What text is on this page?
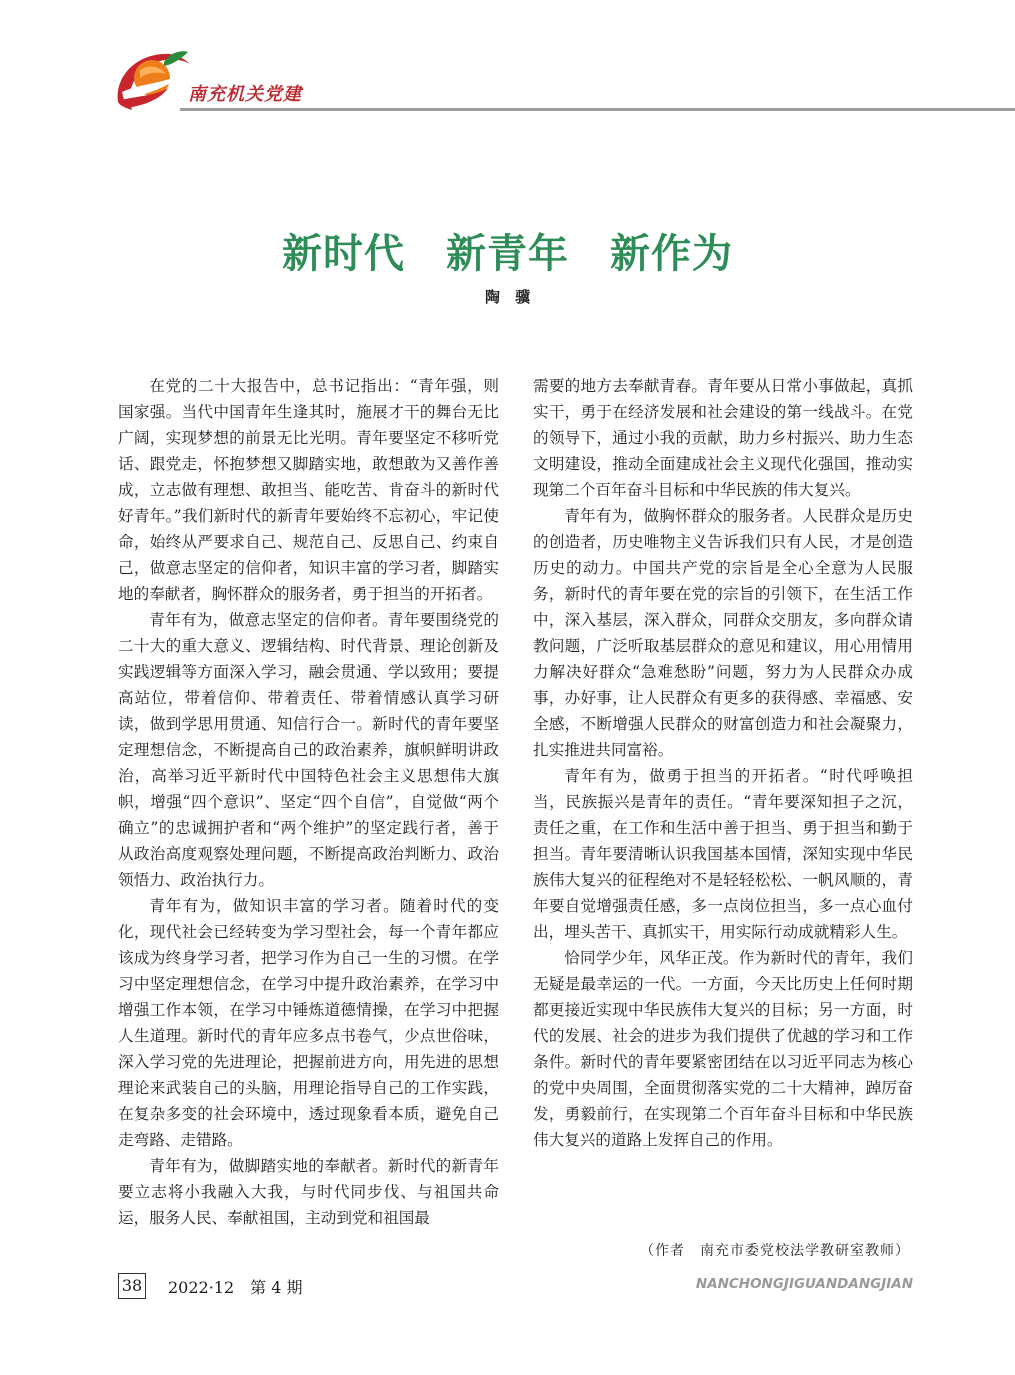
南充机关党建
新时代　新青年　新作为
陶　骥

在党的二十大报告中，总书记指出：“青年强，则国家强。当代中国青年生逢其时，施展才干的舞台无比广阔，实现梦想的前景无比光明。青年要坚定不移听党话、跟党走，怀抱梦想又脚踏实地，敢想敢为又善作善成，立志做有理想、敢担当、能吃苦、肯奋斗的新时代好青年。”我们新时代的新青年要始终不忘初心，牢记使命，始终从严要求自己、规范自己、反思自己、约束自己，做意志坚定的信仰者，知识丰富的学习者，脚踏实地的奉献者，胸怀群众的服务者，勇于担当的开拓者。

青年有为，做意志坚定的信仰者。青年要围绕党的二十大的重大意义、逻辑结构、时代背景、理论创新及实践逻辑等方面深入学习，融会贯通、学以致用；要提高站位，带着信仰、带着责任、带着情感认真学习研读，做到学思用贯通、知信行合一。新时代的青年要坚定理想信念，不断提高自己的政治素养，旗帜鲜明讲政治，高举习近平新时代中国特色社会主义思想伟大旗帜，增强“四个意识”、坚定“四个自信”，自觉做“两个确立”的忠诚拥护者和“两个维护”的坚定践行者，善于从政治高度观察处理问题，不断提高政治判断力、政治领悟力、政治执行力。

青年有为，做知识丰富的学习者。随着时代的变化，现代社会已经转变为学习型社会，每一个青年都应该成为终身学习者，把学习作为自己一生的习惯。在学习中坚定理想信念，在学习中提升政治素养，在学习中增强工作本领，在学习中锤炼道德情操，在学习中把握人生道理。新时代的青年应多点书卷气，少点世俗味，深入学习党的先进理论，把握前进方向，用先进的思想理论来武装自己的头脑，用理论指导自己的工作实践，在复杂多变的社会环境中，透过现象看本质，避免自己走弯路、走错路。

青年有为，做脚踏实地的奉献者。新时代的新青年要立志将小我融入大我，与时代同步伐、与祖国共命运，服务人民、奉献祖国，主动到党和祖国最

需要的地方去奉献青春。青年要从日常小事做起，真抓实干，勇于在经济发展和社会建设的第一线战斗。在党的领导下，通过小我的贡献，助力乡村振兴、助力生态文明建设，推动全面建成社会主义现代化强国，推动实现第二个百年奋斗目标和中华民族的伟大复兴。

青年有为，做胸怀群众的服务者。人民群众是历史的创造者，历史唯物主义告诉我们只有人民，才是创造历史的动力。中国共产党的宗旨是全心全意为人民服务，新时代的青年要在党的宗旨的引领下，在生活工作中，深入基层，深入群众，同群众交朋友，多向群众请教问题，广泛听取基层群众的意见和建议，用心用情用力解决好群众“急难愁盼”问题，努力为人民群众办成事，办好事，让人民群众有更多的获得感、幸福感、安全感，不断增强人民群众的财富创造力和社会凝聚力，扎实推进共同富裕。

青年有为，做勇于担当的开拓者。“时代呼唤担当，民族振兴是青年的责任。“青年要深知担子之沉，责任之重，在工作和生活中善于担当、勇于担当和勤于担当。青年要清晰认识我国基本国情，深知实现中华民族伟大复兴的征程绝对不是轻轻松松、一帆风顺的，青年要自觉增强责任感，多一点岗位担当，多一点心血付出，埋头苦干、真抓实干，用实际行动成就精彩人生。

恰同学少年，风华正茂。作为新时代的青年，我们无疑是最幸运的一代。一方面，今天比历史上任何时期都更接近实现中华民族伟大复兴的目标；另一方面，时代的发展、社会的进步为我们提供了优越的学习和工作条件。新时代的青年要紧密团结在以习近平同志为核心的党中央周围，全面贯彻落实党的二十大精神，踔厉奋发，勇毅前行，在实现第二个百年奋斗目标和中华民族伟大复兴的道路上发挥自己的作用。

（作者　南充市委党校法学教研室教师）
38 2022·12　第 4 期	NANCHONGJIGUANDANGJIAN
